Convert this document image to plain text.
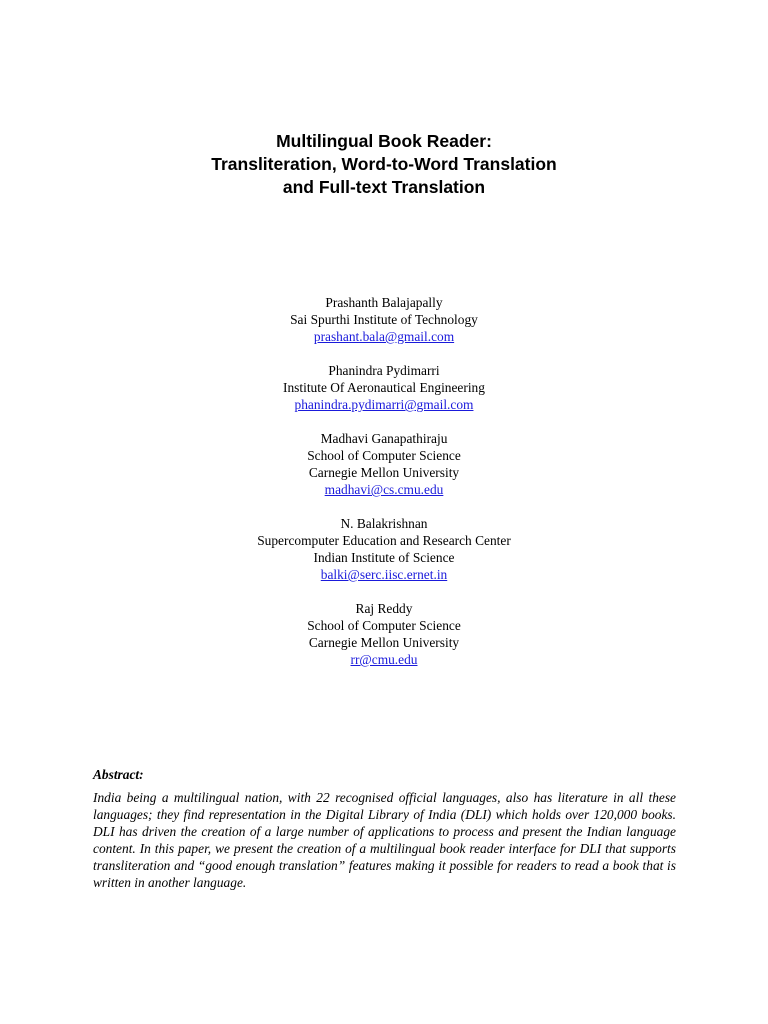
Multilingual Book Reader:
Transliteration, Word-to-Word Translation
and Full-text Translation
Prashanth Balajapally
Sai Spurthi Institute of Technology
prashant.bala@gmail.com
Phanindra Pydimarri
Institute Of Aeronautical Engineering
phanindra.pydimarri@gmail.com
Madhavi Ganapathiraju
School of Computer Science
Carnegie Mellon University
madhavi@cs.cmu.edu
N. Balakrishnan
Supercomputer Education and Research Center
Indian Institute of Science
balki@serc.iisc.ernet.in
Raj Reddy
School of Computer Science
Carnegie Mellon University
rr@cmu.edu
Abstract:
India being a multilingual nation, with 22 recognised official languages, also has literature in all these languages; they find representation in the Digital Library of India (DLI) which holds over 120,000 books. DLI has driven the creation of a large number of applications to process and present the Indian language content. In this paper, we present the creation of a multilingual book reader interface for DLI that supports transliteration and “good enough translation” features making it possible for readers to read a book that is written in another language.
